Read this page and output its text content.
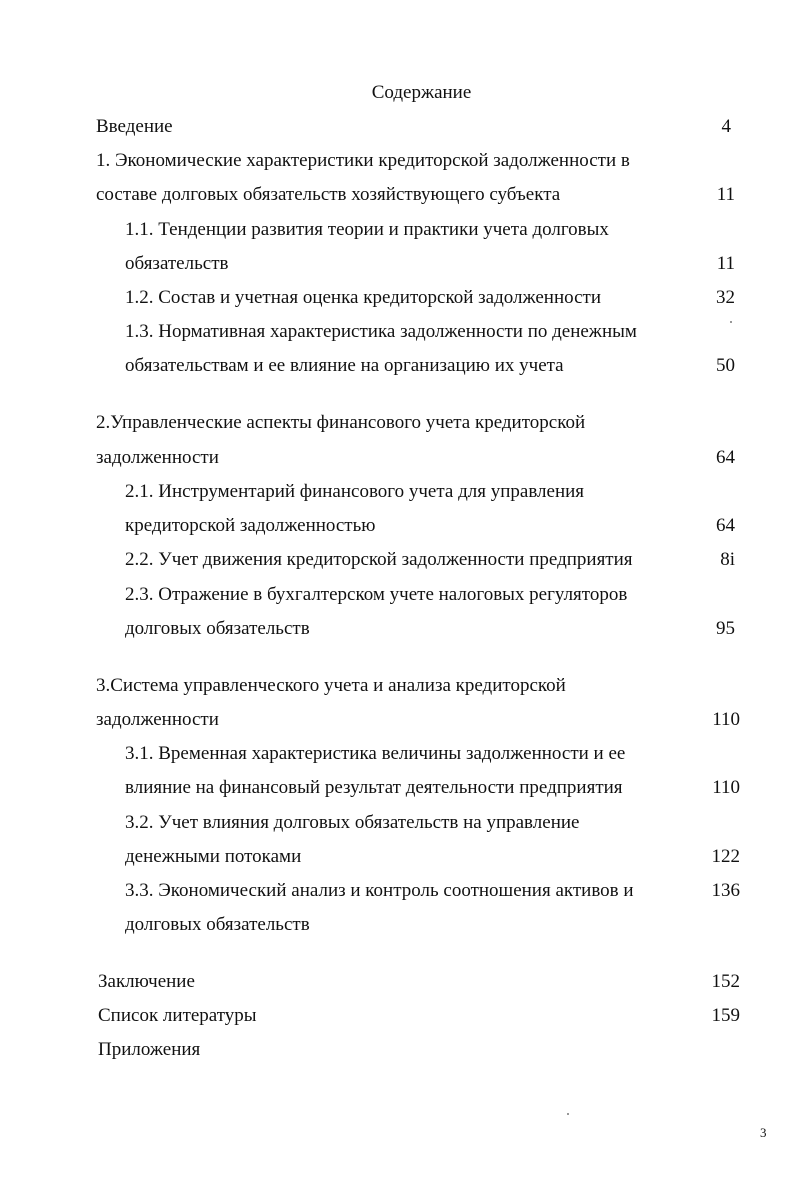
Содержание
Введение	4
1. Экономические характеристики кредиторской задолженности в
составе долговых обязательств хозяйствующего субъекта	11
1.1. Тенденции развития теории и практики учета долговых
обязательств	11
1.2. Состав и учетная оценка кредиторской задолженности	32
1.3. Нормативная характеристика задолженности по денежным
обязательствам и ее влияние на организацию их учета	50
2.Управленческие аспекты финансового учета кредиторской
задолженности	64
2.1. Инструментарий финансового учета для управления
кредиторской задолженностью	64
2.2. Учет движения кредиторской задолженности предприятия	8i
2.3. Отражение в бухгалтерском учете налоговых регуляторов
долговых обязательств	95
3.Система управленческого учета и анализа кредиторской
задолженности	110
3.1. Временная характеристика величины задолженности и ее
влияние на финансовый результат деятельности предприятия	110
3.2. Учет влияния долговых обязательств на управление
денежными потоками	122
3.3. Экономический анализ и контроль соотношения активов и	136
долговых обязательств
Заключение	152
Список литературы	159
Приложения
3
